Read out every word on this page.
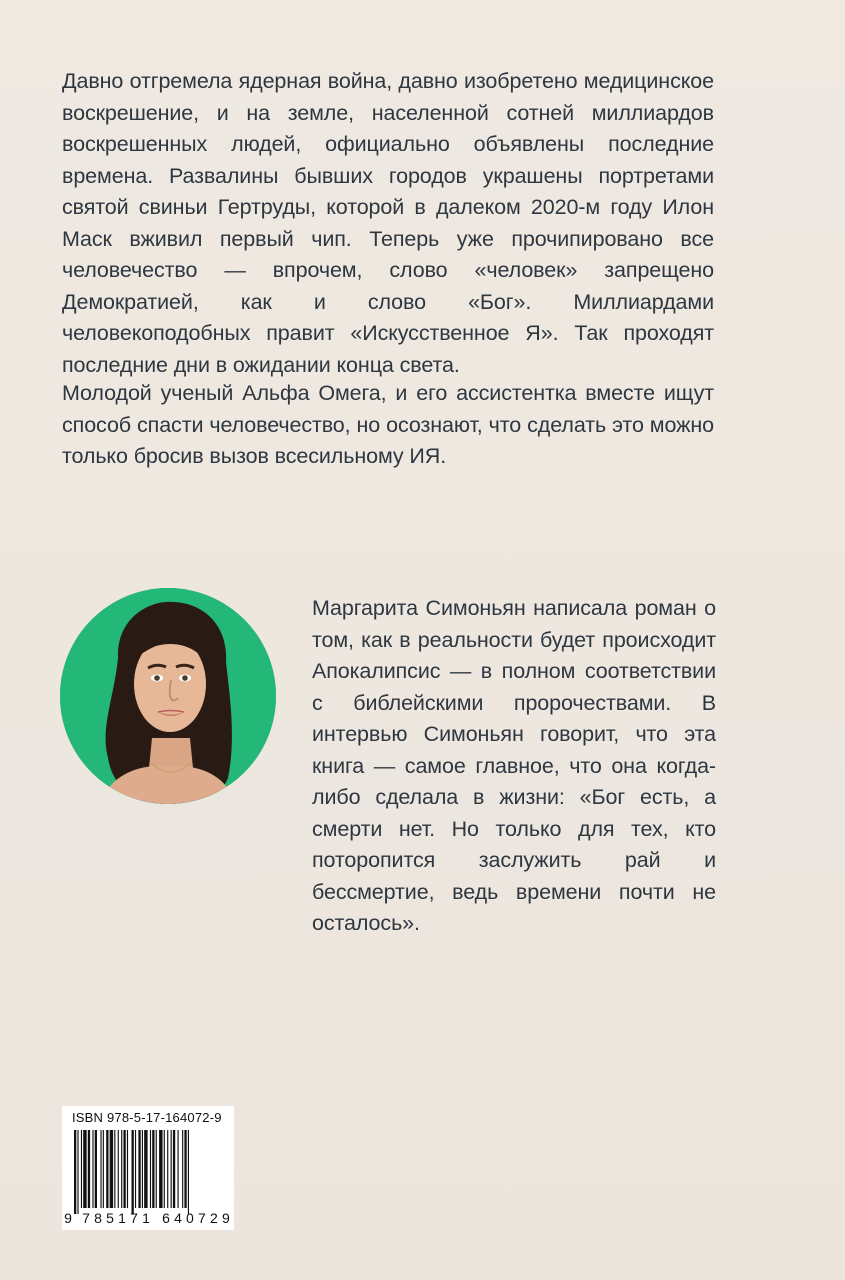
Давно отгремела ядерная война, давно изобретено медицинское воскрешение, и на земле, населенной сотней миллиардов воскрешенных людей, официально объявлены последние времена. Развалины бывших городов украшены портретами святой свиньи Гертруды, которой в далеком 2020-м году Илон Маск вживил первый чип. Теперь уже прочипировано все человечество — впрочем, слово «человек» запрещено Демократией, как и слово «Бог». Миллиардами человекоподобных правит «Искусственное Я». Так проходят последние дни в ожидании конца света.

Молодой ученый Альфа Омега, и его ассистентка вместе ищут способ спасти человечество, но осознают, что сделать это можно только бросив вызов всесильному ИЯ.

Маргарита Симоньян написала роман о том, как в реальности будет происходит Апокалипсис — в полном соответствии с библейскими пророчествами. В интервью Симоньян говорит, что эта книга — самое главное, что она когда-либо сделала в жизни: «Бог есть, а смерти нет. Но только для тех, кто поторопится заслужить рай и бессмертие, ведь времени почти не осталось».

ISBN 978-5-17-164072-9
9 785171 640729
